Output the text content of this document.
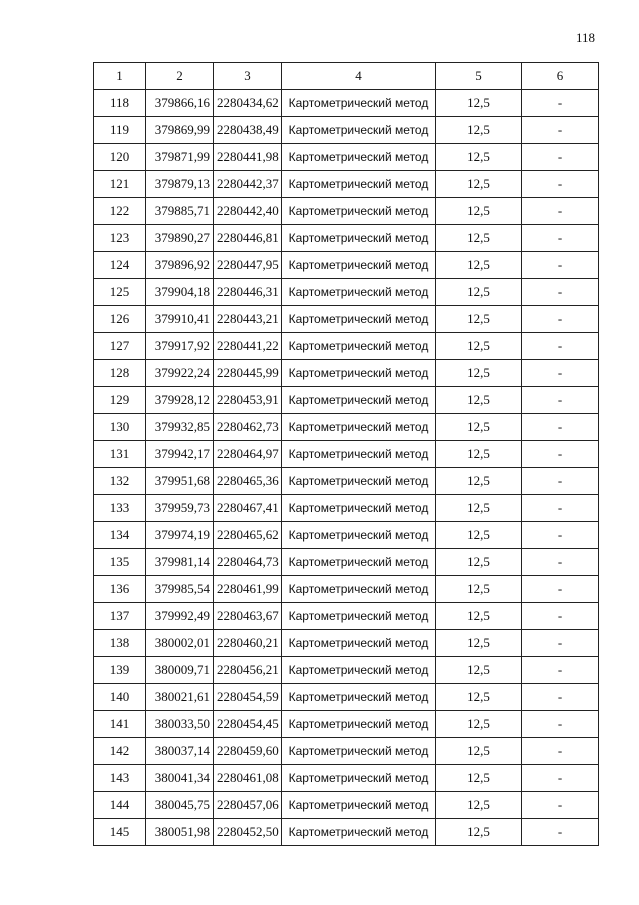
118
1	2	3	4	5	6
118	379866,16	2280434,62	Картометрический метод	12,5	-
119	379869,99	2280438,49	Картометрический метод	12,5	-
120	379871,99	2280441,98	Картометрический метод	12,5	-
121	379879,13	2280442,37	Картометрический метод	12,5	-
122	379885,71	2280442,40	Картометрический метод	12,5	-
123	379890,27	2280446,81	Картометрический метод	12,5	-
124	379896,92	2280447,95	Картометрический метод	12,5	-
125	379904,18	2280446,31	Картометрический метод	12,5	-
126	379910,41	2280443,21	Картометрический метод	12,5	-
127	379917,92	2280441,22	Картометрический метод	12,5	-
128	379922,24	2280445,99	Картометрический метод	12,5	-
129	379928,12	2280453,91	Картометрический метод	12,5	-
130	379932,85	2280462,73	Картометрический метод	12,5	-
131	379942,17	2280464,97	Картометрический метод	12,5	-
132	379951,68	2280465,36	Картометрический метод	12,5	-
133	379959,73	2280467,41	Картометрический метод	12,5	-
134	379974,19	2280465,62	Картометрический метод	12,5	-
135	379981,14	2280464,73	Картометрический метод	12,5	-
136	379985,54	2280461,99	Картометрический метод	12,5	-
137	379992,49	2280463,67	Картометрический метод	12,5	-
138	380002,01	2280460,21	Картометрический метод	12,5	-
139	380009,71	2280456,21	Картометрический метод	12,5	-
140	380021,61	2280454,59	Картометрический метод	12,5	-
141	380033,50	2280454,45	Картометрический метод	12,5	-
142	380037,14	2280459,60	Картометрический метод	12,5	-
143	380041,34	2280461,08	Картометрический метод	12,5	-
144	380045,75	2280457,06	Картометрический метод	12,5	-
145	380051,98	2280452,50	Картометрический метод	12,5	-
